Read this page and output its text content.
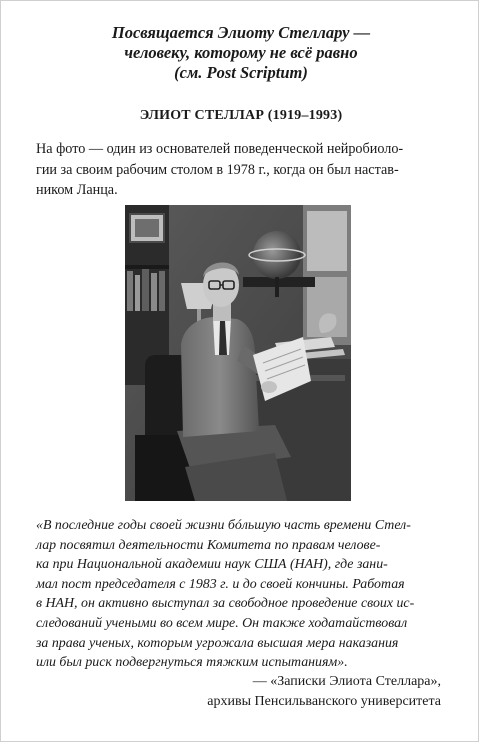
Посвящается Элиоту Стеллару —
человеку, которому не всё равно
(см. Post Scriptum)
ЭЛИОТ СТЕЛЛАР (1919–1993)
На фото — один из основателей поведенческой нейробиоло-
гии за своим рабочим столом в 1978 г., когда он был настав-
ником Ланца.
«В последние годы своей жизни бóльшую часть времени Стел-
лар посвятил деятельности Комитета по правам челове-
ка при Национальной академии наук США (НАН), где зани-
мал пост председателя с 1983 г. и до своей кончины. Работая
в НАН, он активно выступал за свободное проведение своих ис-
следований учеными во всем мире. Он также ходатайствовал
за права ученых, которым угрожала высшая мера наказания
или был риск подвергнуться тяжким испытаниям».
— «Записки Элиота Стеллара»,
архивы Пенсильванского университета
